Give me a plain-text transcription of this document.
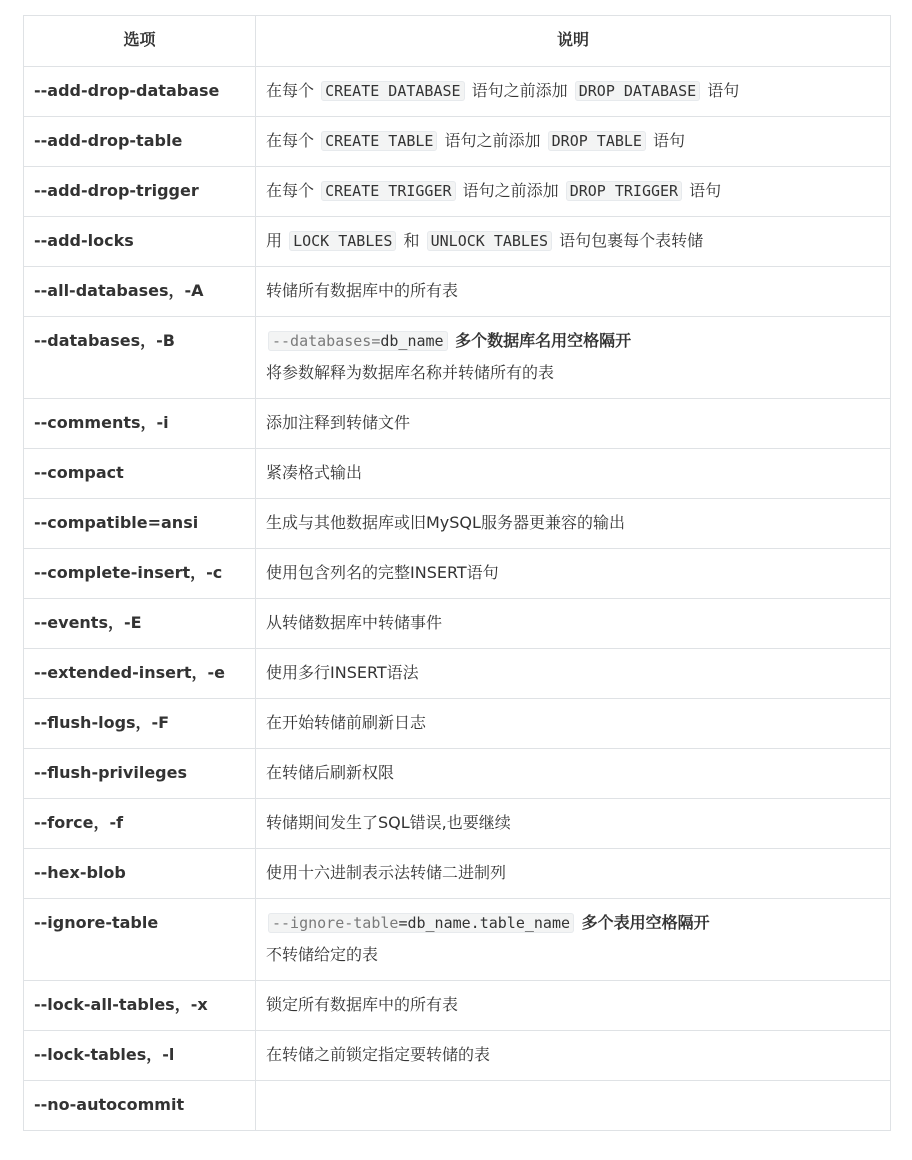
选项	说明
--add-drop-database	在每个 CREATE DATABASE 语句之前添加 DROP DATABASE 语句
--add-drop-table	在每个 CREATE TABLE 语句之前添加 DROP TABLE 语句
--add-drop-trigger	在每个 CREATE TRIGGER 语句之前添加 DROP TRIGGER 语句
--add-locks	用 LOCK TABLES 和 UNLOCK TABLES 语句包裹每个表转储
--all-databases，-A	转储所有数据库中的所有表
--databases，-B	--databases=db_name 多个数据库名用空格隔开
将参数解释为数据库名称并转储所有的表

--comments，-i	添加注释到转储文件
--compact	紧凑格式输出
--compatible=ansi	生成与其他数据库或旧MySQL服务器更兼容的输出
--complete-insert，-c	使用包含列名的完整INSERT语句
--events，-E	从转储数据库中转储事件
--extended-insert，-e	使用多行INSERT语法
--flush-logs，-F	在开始转储前刷新日志
--flush-privileges	在转储后刷新权限
--force，-f	转储期间发生了SQL错误,也要继续
--hex-blob	使用十六进制表示法转储二进制列
--ignore-table	--ignore-table=db_name.table_name 多个表用空格隔开
不转储给定的表

--lock-all-tables，-x	锁定所有数据库中的所有表
--lock-tables，-l	在转储之前锁定指定要转储的表
--no-autocommit	
